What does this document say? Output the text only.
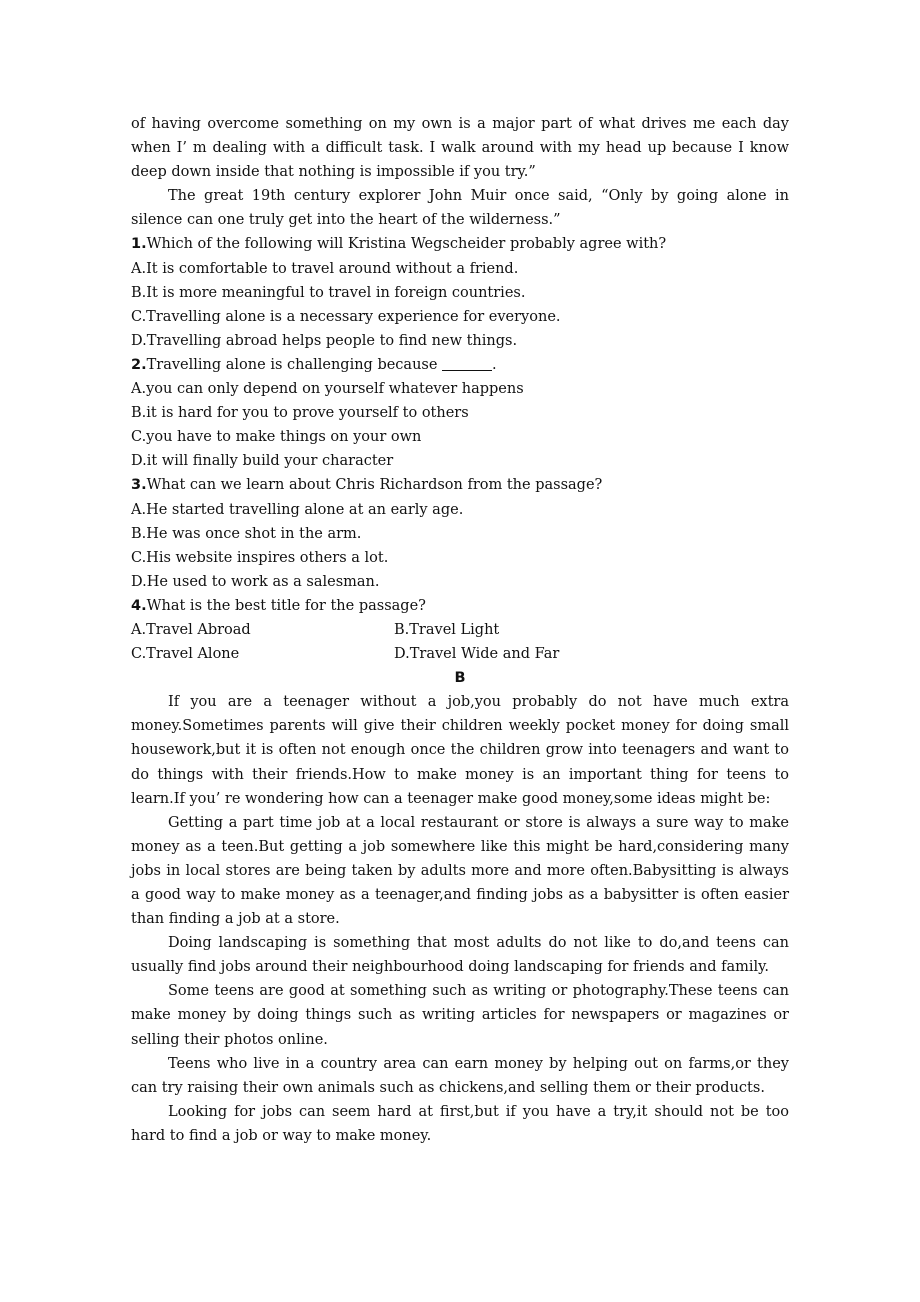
of having overcome something on my own is a major part of what drives me each day when I’ m dealing with a difficult task. I walk around with my head up because I know deep down inside that nothing is impossible if you try.”

The great 19th century explorer John Muir once said, “Only by going alone in silence can one truly get into the heart of the wilderness.”

1.Which of the following will Kristina Wegscheider probably agree with?

A.It is comfortable to travel around without a friend.

B.It is more meaningful to travel in foreign countries.

C.Travelling alone is a necessary experience for everyone.

D.Travelling abroad helps people to find new things.

2.Travelling alone is challenging because	.

A.you can only depend on yourself whatever happens

B.it is hard for you to prove yourself to others

C.you have to make things on your own

D.it will finally build your character

3.What can we learn about Chris Richardson from the passage?

A.He started travelling alone at an early age.

B.He was once shot in the arm.

C.His website inspires others a lot.

D.He used to work as a salesman.

4.What is the best title for the passage?

A.Travel Abroad	B.Travel Light
C.Travel Alone	D.Travel Wide and Far

B

If you are a teenager without a job,you probably do not have much extra money.Sometimes parents will give their children weekly pocket money for doing small housework,but it is often not enough once the children grow into teenagers and want to do things with their friends.How to make money is an important thing for teens to learn.If you’ re wondering how can a teenager make good money,some ideas might be:

Getting a part time job at a local restaurant or store is always a sure way to make money as a teen.But getting a job somewhere like this might be hard,considering many jobs in local stores are being taken by adults more and more often.Babysitting is always a good way to make money as a teenager,and finding jobs as a babysitter is often easier than finding a job at a store.

Doing landscaping is something that most adults do not like to do,and teens can usually find jobs around their neighbourhood doing landscaping for friends and family.

Some teens are good at something such as writing or photography.These teens can make money by doing things such as writing articles for newspapers or magazines or selling their photos online.

Teens who live in a country area can earn money by helping out on farms,or they can try raising their own animals such as chickens,and selling them or their products.

Looking for jobs can seem hard at first,but if you have a try,it should not be too hard to find a job or way to make money.
